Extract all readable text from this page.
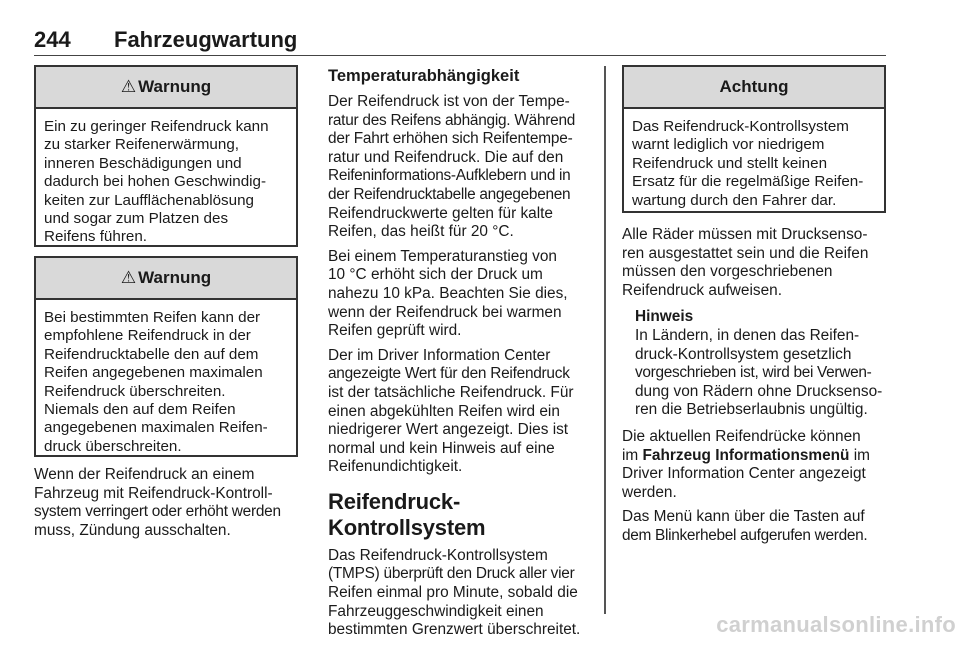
244 Fahrzeugwartung
⚠ Warnung
Ein zu geringer Reifendruck kann
zu starker Reifenerwärmung,
inneren Beschädigungen und
dadurch bei hohen Geschwindig-
keiten zur Laufflächenablösung
und sogar zum Platzen des
Reifens führen.
⚠ Warnung
Bei bestimmten Reifen kann der
empfohlene Reifendruck in der
Reifendrucktabelle den auf dem
Reifen angegebenen maximalen
Reifendruck überschreiten.
Niemals den auf dem Reifen
angegebenen maximalen Reifen-
druck überschreiten.
Wenn der Reifendruck an einem
Fahrzeug mit Reifendruck-Kontroll-
system verringert oder erhöht werden
muss, Zündung ausschalten.
Temperaturabhängigkeit

Der Reifendruck ist von der Tempe-
ratur des Reifens abhängig. Während
der Fahrt erhöhen sich Reifentempe-
ratur und Reifendruck. Die auf den
Reifeninformations-Aufklebern und in
der Reifendrucktabelle angegebenen
Reifendruckwerte gelten für kalte
Reifen, das heißt für 20 °C.

Bei einem Temperaturanstieg von
10 °C erhöht sich der Druck um
nahezu 10 kPa. Beachten Sie dies,
wenn der Reifendruck bei warmen
Reifen geprüft wird.

Der im Driver Information Center
angezeigte Wert für den Reifendruck
ist der tatsächliche Reifendruck. Für
einen abgekühlten Reifen wird ein
niedrigerer Wert angezeigt. Dies ist
normal und kein Hinweis auf eine
Reifenundichtigkeit.

Reifendruck-Kontrollsystem

Das Reifendruck-Kontrollsystem
(TMPS) überprüft den Druck aller vier
Reifen einmal pro Minute, sobald die
Fahrzeuggeschwindigkeit einen
bestimmten Grenzwert überschreitet.

Achtung
Das Reifendruck-Kontrollsystem
warnt lediglich vor niedrigem
Reifendruck und stellt keinen
Ersatz für die regelmäßige Reifen-
wartung durch den Fahrer dar.

Alle Räder müssen mit Drucksenso-
ren ausgestattet sein und die Reifen
müssen den vorgeschriebenen
Reifendruck aufweisen.

Hinweis
In Ländern, in denen das Reifen-
druck-Kontrollsystem gesetzlich
vorgeschrieben ist, wird bei Verwen-
dung von Rädern ohne Drucksenso-
ren die Betriebserlaubnis ungültig.

Die aktuellen Reifendrücke können
im Fahrzeug Informationsmenü im
Driver Information Center angezeigt
werden.

Das Menü kann über die Tasten auf
dem Blinkerhebel aufgerufen werden.

carmanualsonline.info
